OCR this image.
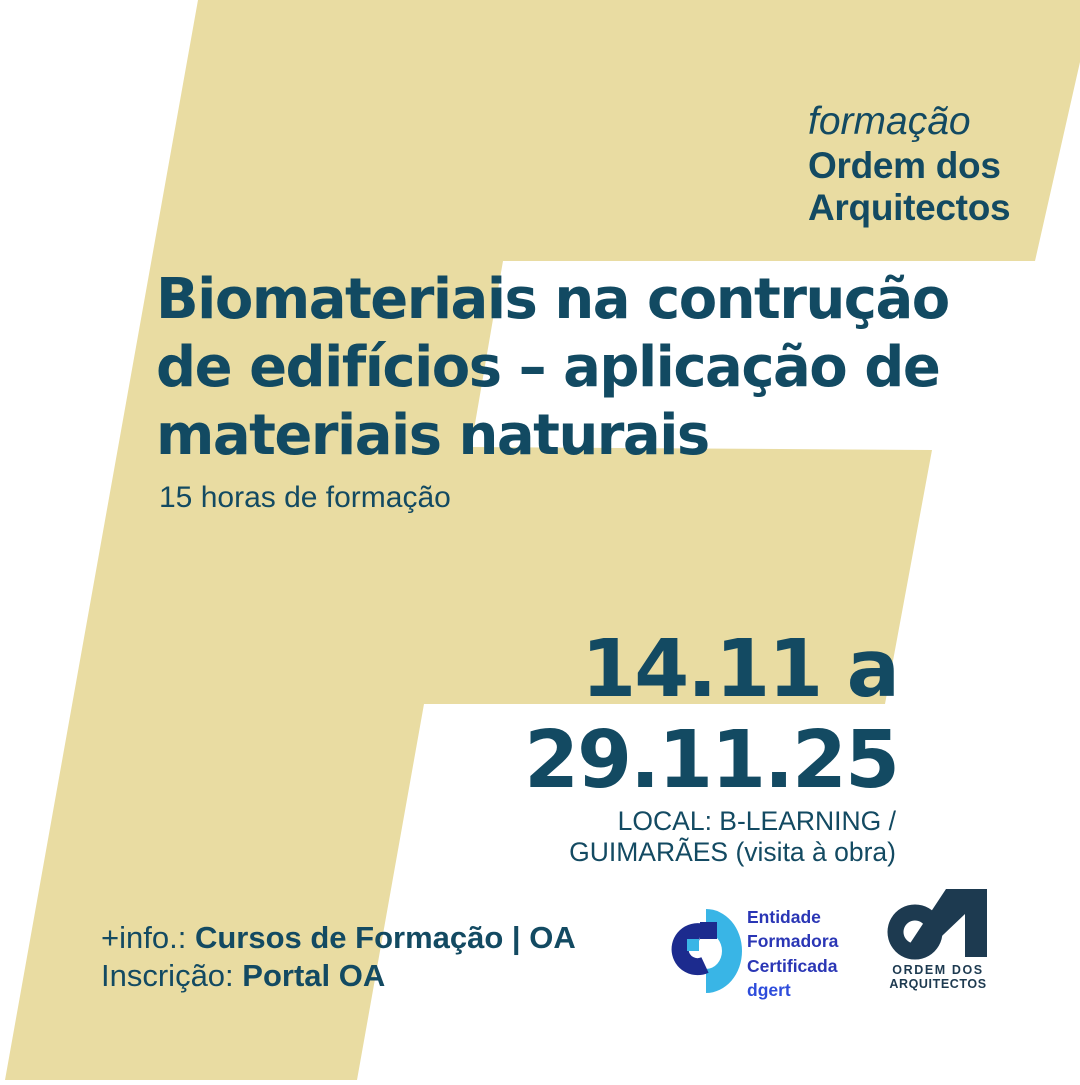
formação
Ordem dos
Arquitectos
Biomateriais na contrução
de edifícios – aplicação de
materiais naturais
15 horas de formação
14.11 a
29.11.25
LOCAL: B-LEARNING /
GUIMARÃES (visita à obra)
+info.: Cursos de Formação | OA
Inscrição: Portal OA
Entidade
Formadora
Certificada
dgert
ORDEM DOS
ARQUITECTOS
